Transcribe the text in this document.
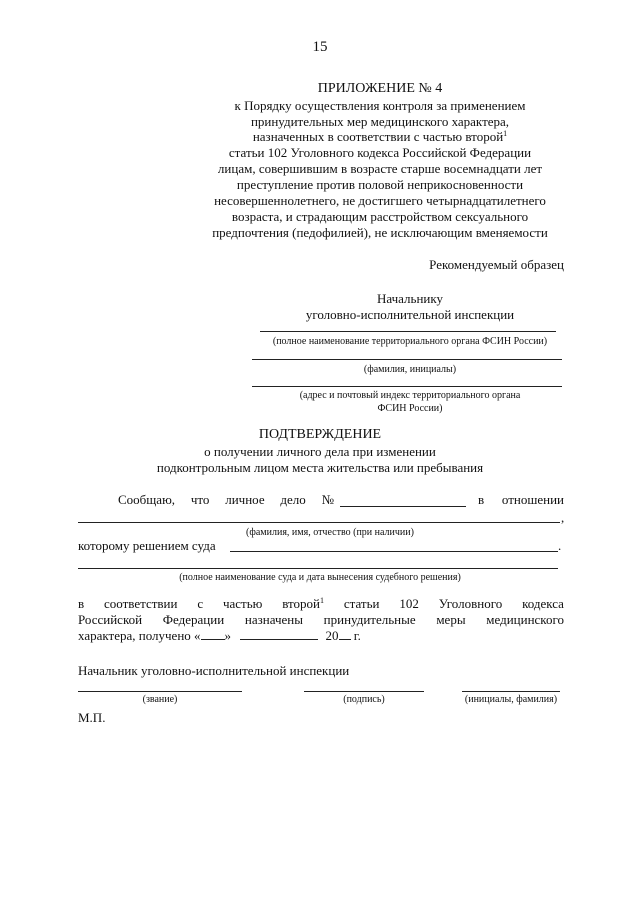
15
ПРИЛОЖЕНИЕ № 4
к Порядку осуществления контроля за применением
принудительных мер медицинского характера,
назначенных в соответствии с частью второй$^1$
статьи 102 Уголовного кодекса Российской Федерации
лицам, совершившим в возрасте старше восемнадцати лет
преступление против половой неприкосновенности
несовершеннолетнего, не достигшего четырнадцатилетнего
возраста, и страдающим расстройством сексуального
предпочтения (педофилией), не исключающим вменяемости
Рекомендуемый образец
Начальнику
уголовно-исполнительной инспекции
(полное наименование территориального органа ФСИН России)
(фамилия, инициалы)
(адрес и почтовый индекс территориального органа
ФСИН России)
ПОДТВЕРЖДЕНИЕ
о получении личного дела при изменении
подконтрольным лицом места жительства или пребывания
Сообщаю, что личное дело №	в отношении
,
(фамилия, имя, отчество (при наличии)
которому решением суда	.
(полное наименование суда и дата вынесения судебного решения)
в соответствии с частью второй$^1$ статьи 102 Уголовного кодекса
Российской Федерации назначены принудительные меры медицинского
характера, получено « »	20 г.
Начальник уголовно-исполнительной инспекции
(звание)	(подпись)	(инициалы, фамилия)
М.П.
